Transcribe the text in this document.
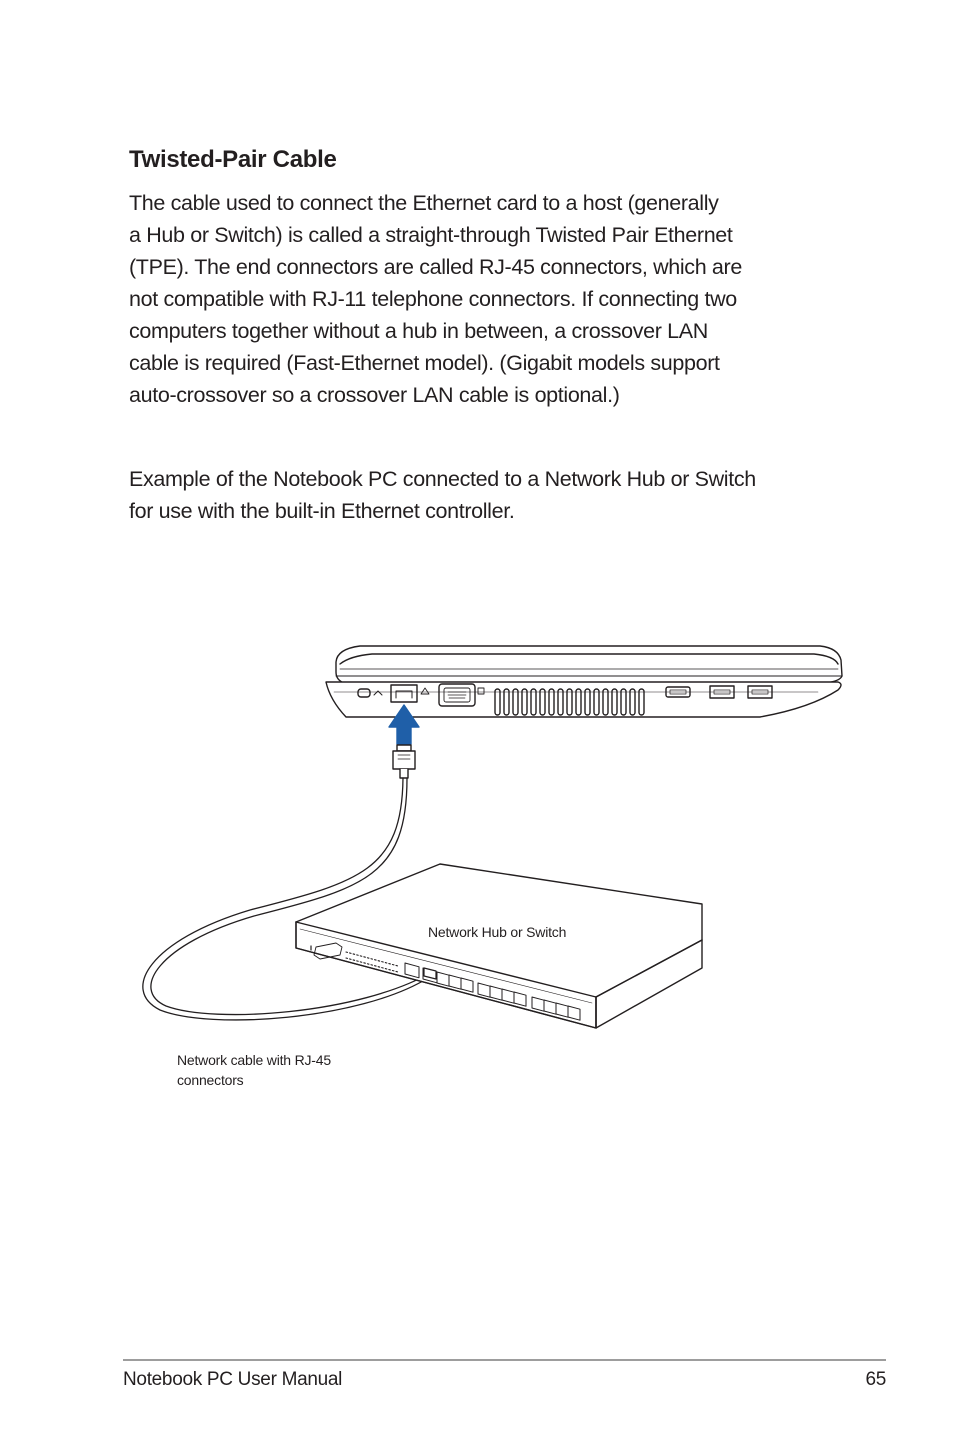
Twisted-Pair Cable

The cable used to connect the Ethernet card to a host (generally
a Hub or Switch) is called a straight-through Twisted Pair Ethernet
(TPE). The end connectors are called RJ-45 connectors, which are
not compatible with RJ-11 telephone connectors. If connecting two
computers together without a hub in between, a crossover LAN
cable is required (Fast-Ethernet model). (Gigabit models support
auto-crossover so a crossover LAN cable is optional.)

Example of the Notebook PC connected to a Network Hub or Switch
for use with the built-in Ethernet controller.

Network Hub or Switch
Network cable with RJ-45
connectors
Notebook PC User Manual	65
